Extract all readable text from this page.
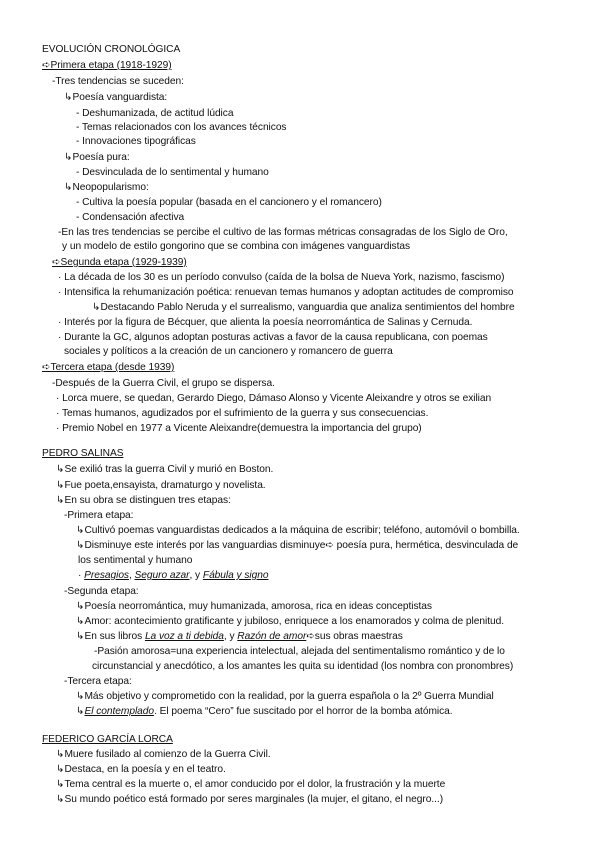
EVOLUCIÓN CRONOLÓGICA
➪Primera etapa (1918-1929)
-Tres tendencias se suceden:
↳Poesía vanguardista:
- Deshumanizada, de actitud lúdica
- Temas relacionados con los avances técnicos
- Innovaciones tipográficas
↳Poesía pura:
- Desvinculada de lo sentimental y humano
↳Neopopularismo:
- Cultiva la poesía popular (basada en el cancionero y el romancero)
- Condensación afectiva
-En las tres tendencias se percibe el cultivo de las formas métricas consagradas de los Siglo de Oro,
y un modelo de estilo gongorino que se combina con imágenes vanguardistas
➪Segunda etapa (1929-1939)
· La década de los 30 es un período convulso (caída de la bolsa de Nueva York, nazismo, fascismo)
· Intensifica la rehumanización poética: renuevan temas humanos y adoptan actitudes de compromiso
↳Destacando Pablo Neruda y el surrealismo, vanguardia que analiza sentimientos del hombre
· Interés por la figura de Bécquer, que alienta la poesía neorromántica de Salinas y Cernuda.
· Durante la GC, algunos adoptan posturas activas a favor de la causa republicana, con poemas
sociales y políticos a la creación de un cancionero y romancero de guerra
➪Tercera etapa (desde 1939)
-Después de la Guerra Civil, el grupo se dispersa.
· Lorca muere, se quedan, Gerardo Diego, Dámaso Alonso y Vicente Aleixandre y otros se exilian
· Temas humanos, agudizados por el sufrimiento de la guerra y sus consecuencias.
· Premio Nobel en 1977 a Vicente Aleixandre(demuestra la importancia del grupo)
PEDRO SALINAS
↳Se exilió tras la guerra Civil y murió en Boston.
↳Fue poeta,ensayista, dramaturgo y novelista.
↳En su obra se distinguen tres etapas:
-Primera etapa:
↳Cultivó poemas vanguardistas dedicados a la máquina de escribir; teléfono, automóvil o bombilla.
↳Disminuye este interés por las vanguardias disminuye➪ poesía pura, hermética, desvinculada de
los sentimental y humano
· Presagios, Seguro azar, y Fábula y signo
-Segunda etapa:
↳Poesía neorromántica, muy humanizada, amorosa, rica en ideas conceptistas
↳Amor: acontecimiento gratificante y jubiloso, enriquece a los enamorados y colma de plenitud.
↳En sus libros La voz a ti debida, y Razón de amor➪sus obras maestras
-Pasión amorosa=una experiencia intelectual, alejada del sentimentalismo romántico y de lo
circunstancial y anecdótico, a los amantes les quita su identidad (los nombra con pronombres)
-Tercera etapa:
↳Más objetivo y comprometido con la realidad, por la guerra española o la 2º Guerra Mundial
↳El contemplado. El poema “Cero” fue suscitado por el horror de la bomba atómica.
FEDERICO GARCÍA LORCA
↳Muere fusilado al comienzo de la Guerra Civil.
↳Destaca, en la poesía y en el teatro.
↳Tema central es la muerte o, el amor conducido por el dolor, la frustración y la muerte
↳Su mundo poético está formado por seres marginales (la mujer, el gitano, el negro...)
